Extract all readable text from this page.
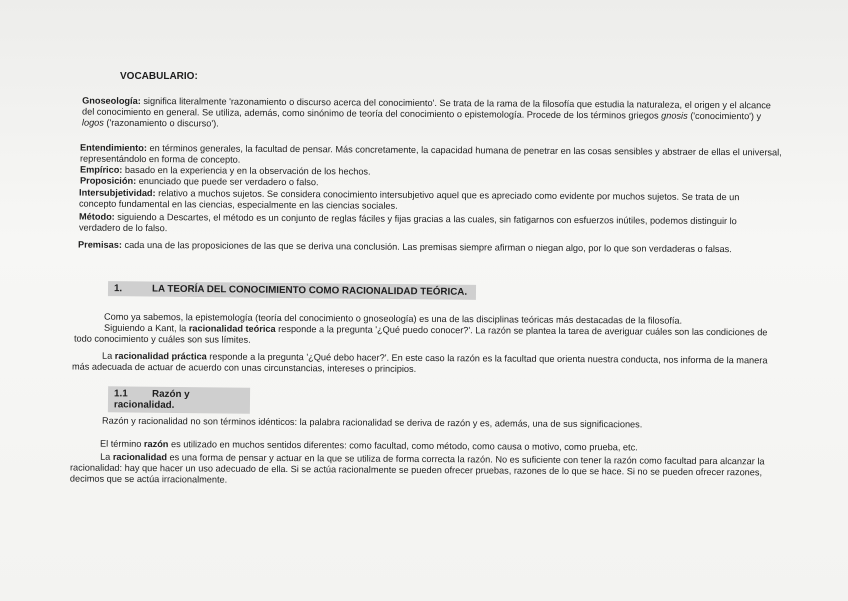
VOCABULARIO:
Gnoseología: significa literalmente 'razonamiento o discurso acerca del conocimiento'. Se trata de la rama de la filosofía que estudia la naturaleza, el origen y el alcance del conocimiento en general. Se utiliza, además, como sinónimo de teoría del conocimiento o epistemología. Procede de los términos griegos gnosis ('conocimiento') y logos ('razonamiento o discurso').
Entendimiento: en términos generales, la facultad de pensar. Más concretamente, la capacidad humana de penetrar en las cosas sensibles y abstraer de ellas el universal, representándolo en forma de concepto.
Empírico: basado en la experiencia y en la observación de los hechos.
Proposición: enunciado que puede ser verdadero o falso.
Intersubjetividad: relativo a muchos sujetos. Se considera conocimiento intersubjetivo aquel que es apreciado como evidente por muchos sujetos. Se trata de un concepto fundamental en las ciencias, especialmente en las ciencias sociales.
Método: siguiendo a Descartes, el método es un conjunto de reglas fáciles y fijas gracias a las cuales, sin fatigarnos con esfuerzos inútiles, podemos distinguir lo verdadero de lo falso.
Premisas: cada una de las proposiciones de las que se deriva una conclusión. Las premisas siempre afirman o niegan algo, por lo que son verdaderas o falsas.
1.	LA TEORÍA DEL CONOCIMIENTO COMO RACIONALIDAD TEÓRICA.
Como ya sabemos, la epistemología (teoría del conocimiento o gnoseología) es una de las disciplinas teóricas más destacadas de la filosofía.
Siguiendo a Kant, la racionalidad teórica responde a la pregunta '¿Qué puedo conocer?'. La razón se plantea la tarea de averiguar cuáles son las condiciones de todo conocimiento y cuáles son sus límites.
La racionalidad práctica responde a la pregunta '¿Qué debo hacer?'. En este caso la razón es la facultad que orienta nuestra conducta, nos informa de la manera más adecuada de actuar de acuerdo con unas circunstancias, intereses o principios.
1.1 Razón y racionalidad.
Razón y racionalidad no son términos idénticos: la palabra racionalidad se deriva de razón y es, además, una de sus significaciones.
El término razón es utilizado en muchos sentidos diferentes: como facultad, como método, como causa o motivo, como prueba, etc.
La racionalidad es una forma de pensar y actuar en la que se utiliza de forma correcta la razón. No es suficiente con tener la razón como facultad para alcanzar la racionalidad: hay que hacer un uso adecuado de ella. Si se actúa racionalmente se pueden ofrecer pruebas, razones de lo que se hace. Si no se pueden ofrecer razones, decimos que se actúa irracionalmente.
